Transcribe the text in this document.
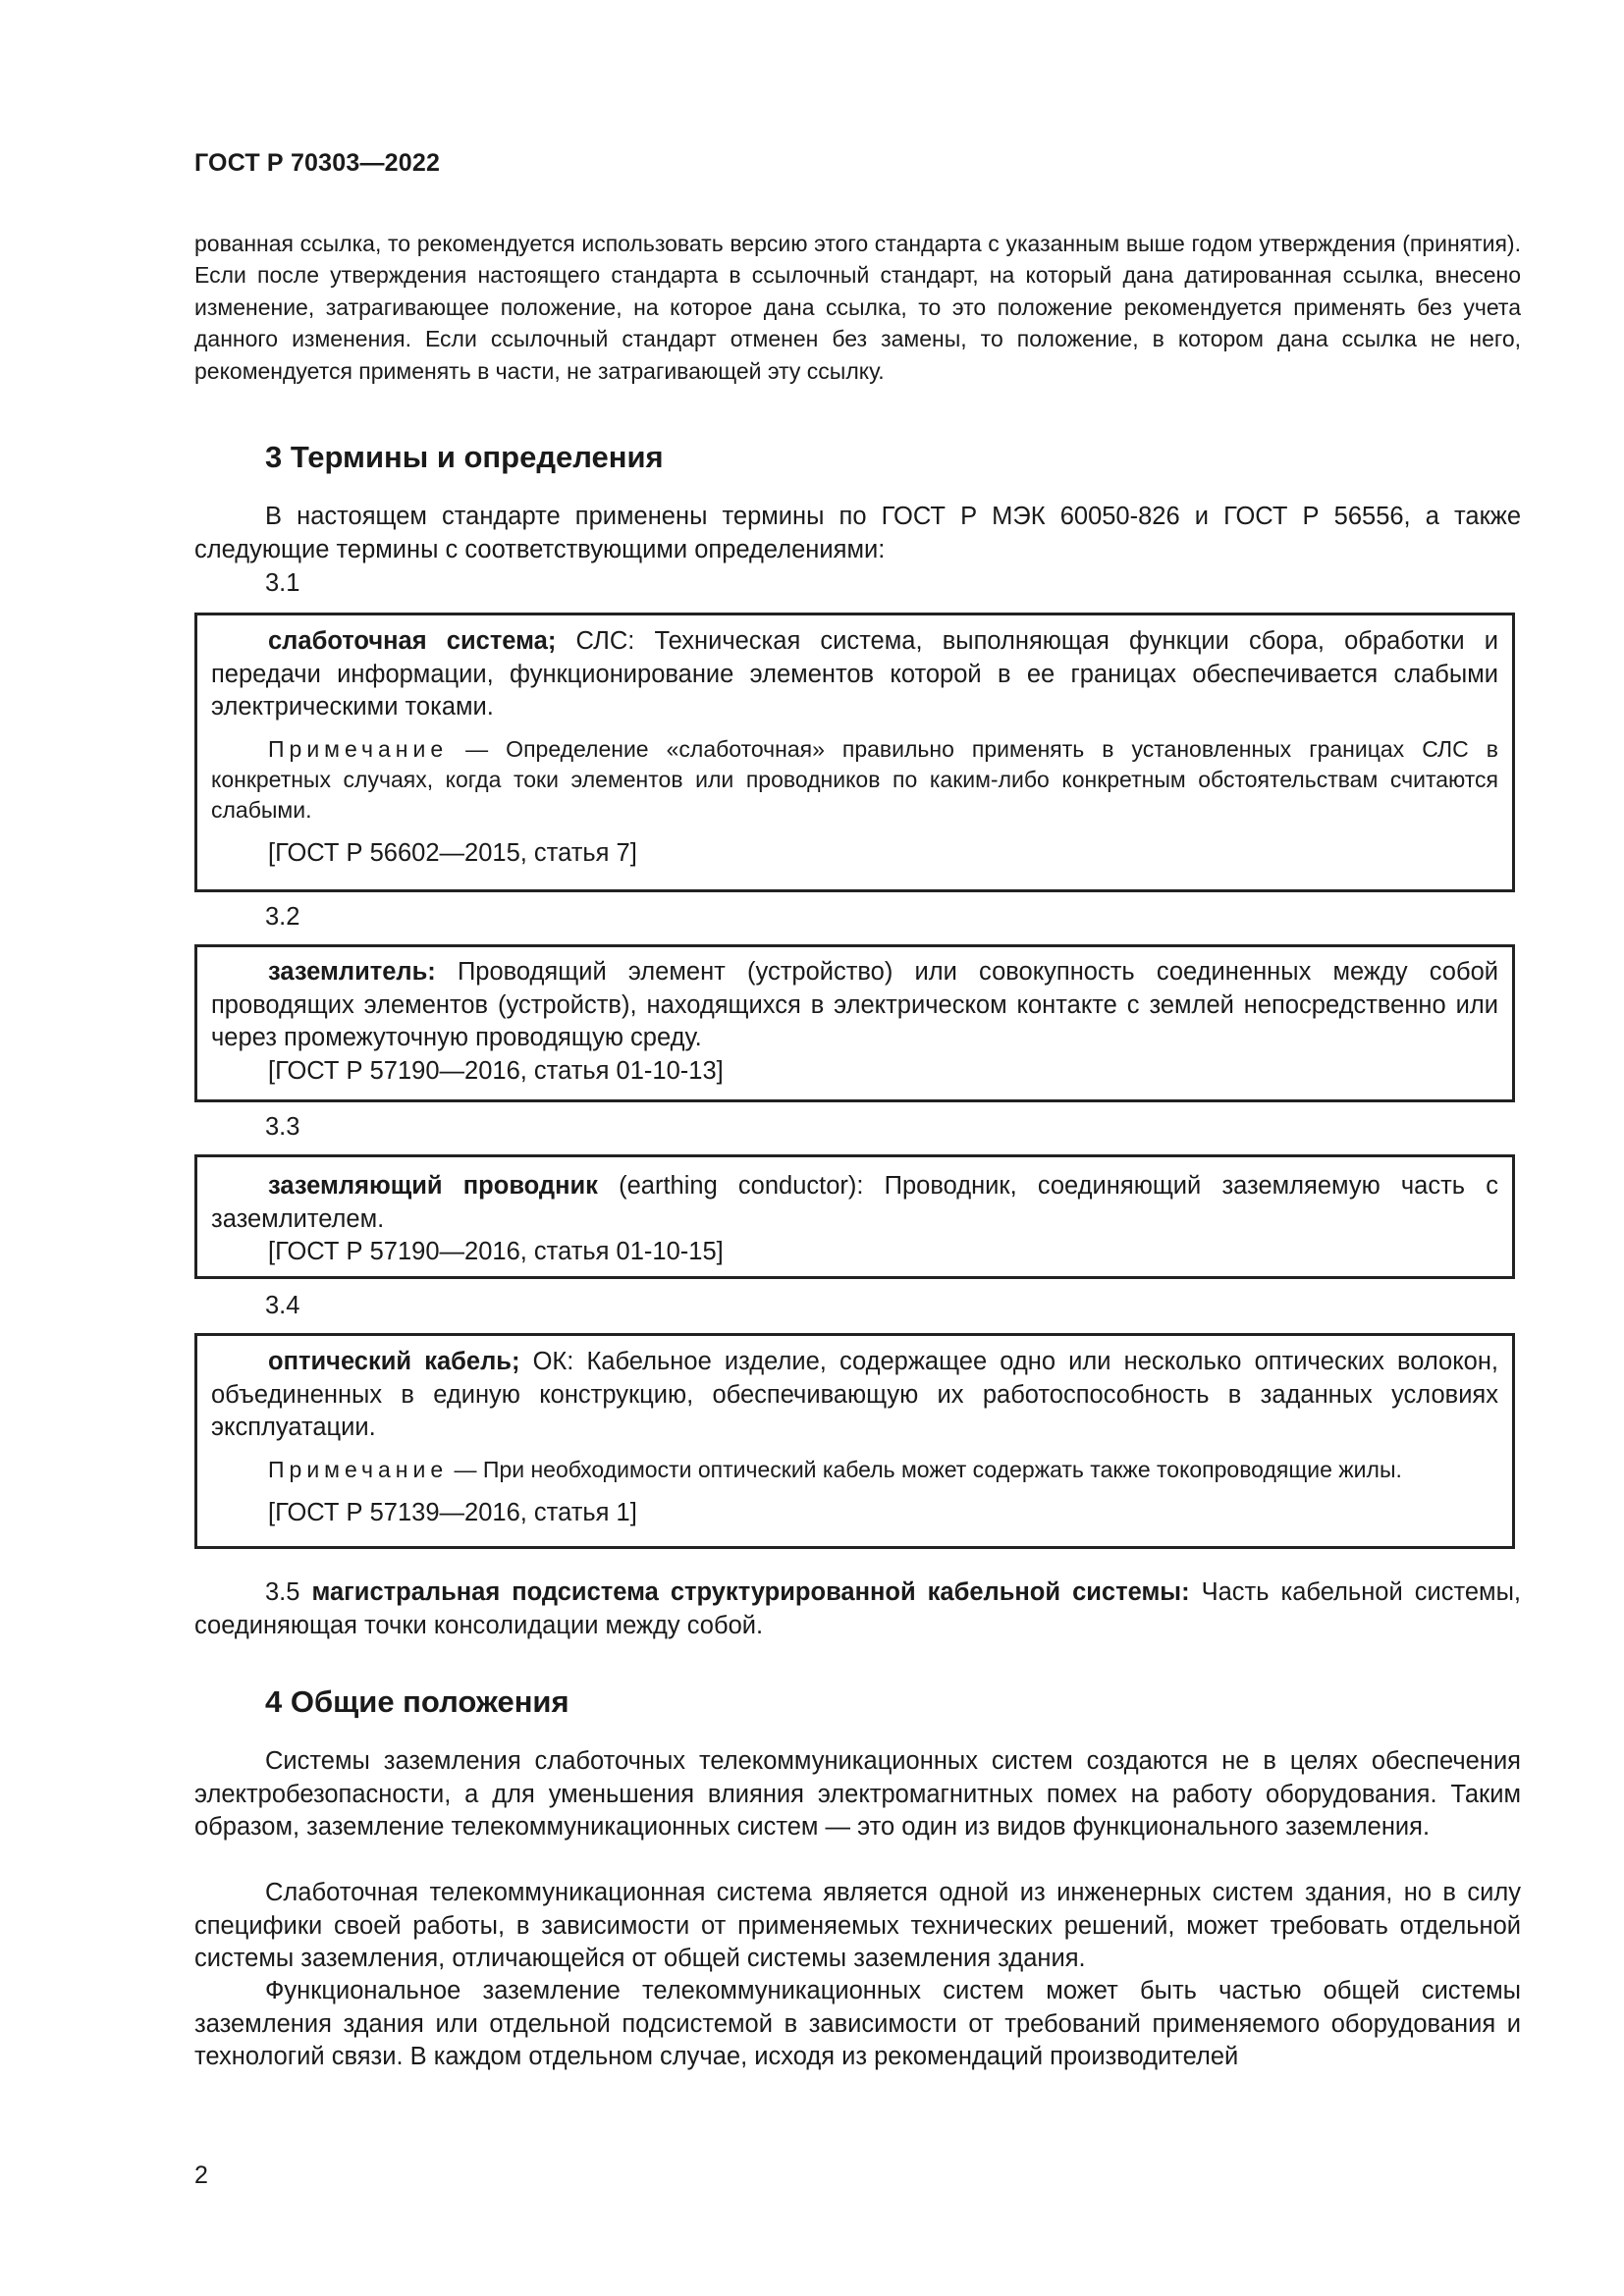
ГОСТ Р 70303—2022
рованная ссылка, то рекомендуется использовать версию этого стандарта с указанным выше годом утверждения (принятия). Если после утверждения настоящего стандарта в ссылочный стандарт, на который дана датированная ссылка, внесено изменение, затрагивающее положение, на которое дана ссылка, то это положение рекомендуется применять без учета данного изменения. Если ссылочный стандарт отменен без замены, то положение, в котором дана ссылка не него, рекомендуется применять в части, не затрагивающей эту ссылку.
3 Термины и определения
В настоящем стандарте применены термины по ГОСТ Р МЭК 60050-826 и ГОСТ Р 56556, а также следующие термины с соответствующими определениями:
3.1
слаботочная система; СЛС: Техническая система, выполняющая функции сбора, обработки и передачи информации, функционирование элементов которой в ее границах обеспечивается слабыми электрическими токами.
Примечание — Определение «слаботочная» правильно применять в установленных границах СЛС в конкретных случаях, когда токи элементов или проводников по каким-либо конкретным обстоятельствам считаются слабыми.
[ГОСТ Р 56602—2015, статья 7]
3.2
заземлитель: Проводящий элемент (устройство) или совокупность соединенных между собой проводящих элементов (устройств), находящихся в электрическом контакте с землей непосредственно или через промежуточную проводящую среду.
[ГОСТ Р 57190—2016, статья 01-10-13]
3.3
заземляющий проводник (earthing conductor): Проводник, соединяющий заземляемую часть с заземлителем.
[ГОСТ Р 57190—2016, статья 01-10-15]
3.4
оптический кабель; ОК: Кабельное изделие, содержащее одно или несколько оптических волокон, объединенных в единую конструкцию, обеспечивающую их работоспособность в заданных условиях эксплуатации.
Примечание — При необходимости оптический кабель может содержать также токопроводящие жилы.
[ГОСТ Р 57139—2016, статья 1]
3.5 магистральная подсистема структурированной кабельной системы: Часть кабельной системы, соединяющая точки консолидации между собой.
4 Общие положения
Системы заземления слаботочных телекоммуникационных систем создаются не в целях обеспечения электробезопасности, а для уменьшения влияния электромагнитных помех на работу оборудования. Таким образом, заземление телекоммуникационных систем — это один из видов функционального заземления.
Слаботочная телекоммуникационная система является одной из инженерных систем здания, но в силу специфики своей работы, в зависимости от применяемых технических решений, может требовать отдельной системы заземления, отличающейся от общей системы заземления здания.
Функциональное заземление телекоммуникационных систем может быть частью общей системы заземления здания или отдельной подсистемой в зависимости от требований применяемого оборудования и технологий связи. В каждом отдельном случае, исходя из рекомендаций производителей
2
